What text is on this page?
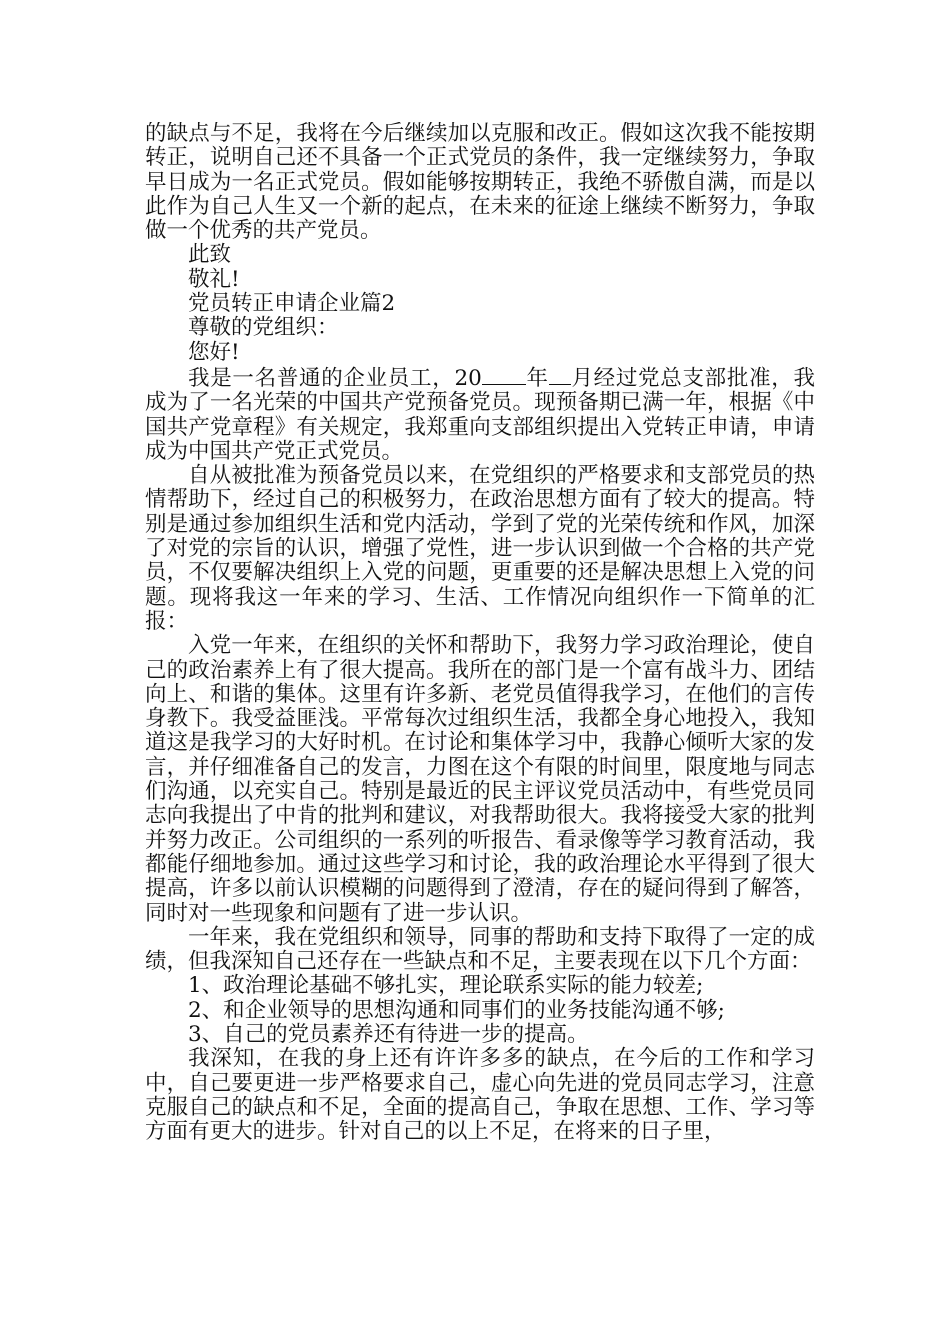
的缺点与不足，我将在今后继续加以克服和改正。假如这次我不能按期转正，说明自己还不具备一个正式党员的条件，我一定继续努力，争取早日成为一名正式党员。假如能够按期转正，我绝不骄傲自满，而是以此作为自己人生又一个新的起点，在未来的征途上继续不断努力，争取做一个优秀的共产党员。

此致

敬礼!

党员转正申请企业篇2

尊敬的党组织：

您好!

我是一名普通的企业员工，20 年 月经过党总支部批准，我成为了一名光荣的中国共产党预备党员。现预备期已满一年，根据《中国共产党章程》有关规定，我郑重向支部组织提出入党转正申请，申请成为中国共产党正式党员。

自从被批准为预备党员以来，在党组织的严格要求和支部党员的热情帮助下，经过自己的积极努力，在政治思想方面有了较大的提高。特别是通过参加组织生活和党内活动，学到了党的光荣传统和作风，加深了对党的宗旨的认识，增强了党性，进一步认识到做一个合格的共产党员，不仅要解决组织上入党的问题，更重要的还是解决思想上入党的问题。现将我这一年来的学习、生活、工作情况向组织作一下简单的汇报：

入党一年来，在组织的关怀和帮助下，我努力学习政治理论，使自己的政治素养上有了很大提高。我所在的部门是一个富有战斗力、团结向上、和谐的集体。这里有许多新、老党员值得我学习，在他们的言传身教下。我受益匪浅。平常每次过组织生活，我都全身心地投入，我知道这是我学习的大好时机。在讨论和集体学习中，我静心倾听大家的发言，并仔细准备自己的发言，力图在这个有限的时间里，限度地与同志们沟通，以充实自己。特别是最近的民主评议党员活动中，有些党员同志向我提出了中肯的批判和建议，对我帮助很大。我将接受大家的批判并努力改正。公司组织的一系列的听报告、看录像等学习教育活动，我都能仔细地参加。通过这些学习和讨论，我的政治理论水平得到了很大提高，许多以前认识模糊的问题得到了澄清，存在的疑问得到了解答，同时对一些现象和问题有了进一步认识。

一年来，我在党组织和领导，同事的帮助和支持下取得了一定的成绩，但我深知自己还存在一些缺点和不足，主要表现在以下几个方面：

1、政治理论基础不够扎实，理论联系实际的能力较差;

2、和企业领导的思想沟通和同事们的业务技能沟通不够;

3、自己的党员素养还有待进一步的提高。

我深知，在我的身上还有许许多多的缺点，在今后的工作和学习中，自己要更进一步严格要求自己，虚心向先进的党员同志学习，注意克服自己的缺点和不足，全面的提高自己，争取在思想、工作、学习等方面有更大的进步。针对自己的以上不足，在将来的日子里，
